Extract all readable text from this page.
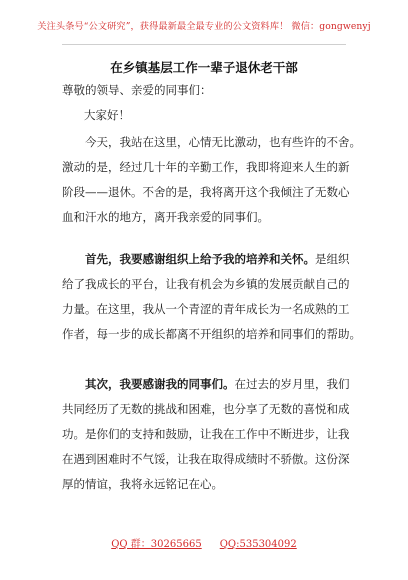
关注头条号“公文研究”，获得最新最全最专业的公文资料库！ 微信：gongwenyj
在乡镇基层工作一辈子退休老干部
尊敬的领导、亲爱的同事们：
大家好！
今天，我站在这里，心情无比激动，也有些许的不舍。
激动的是，经过几十年的辛勤工作，我即将迎来人生的新
阶段——退休。不舍的是，我将离开这个我倾注了无数心
血和汗水的地方，离开我亲爱的同事们。
首先，我要感谢组织上给予我的培养和关怀。是组织
给了我成长的平台，让我有机会为乡镇的发展贡献自己的
力量。在这里，我从一个青涩的青年成长为一名成熟的工
作者，每一步的成长都离不开组织的培养和同事们的帮助。
其次，我要感谢我的同事们。在过去的岁月里，我们
共同经历了无数的挑战和困难，也分享了无数的喜悦和成
功。是你们的支持和鼓励，让我在工作中不断进步，让我
在遇到困难时不气馁，让我在取得成绩时不骄傲。这份深
厚的情谊，我将永远铭记在心。
QQ 群：30265665 QQ:535304092
